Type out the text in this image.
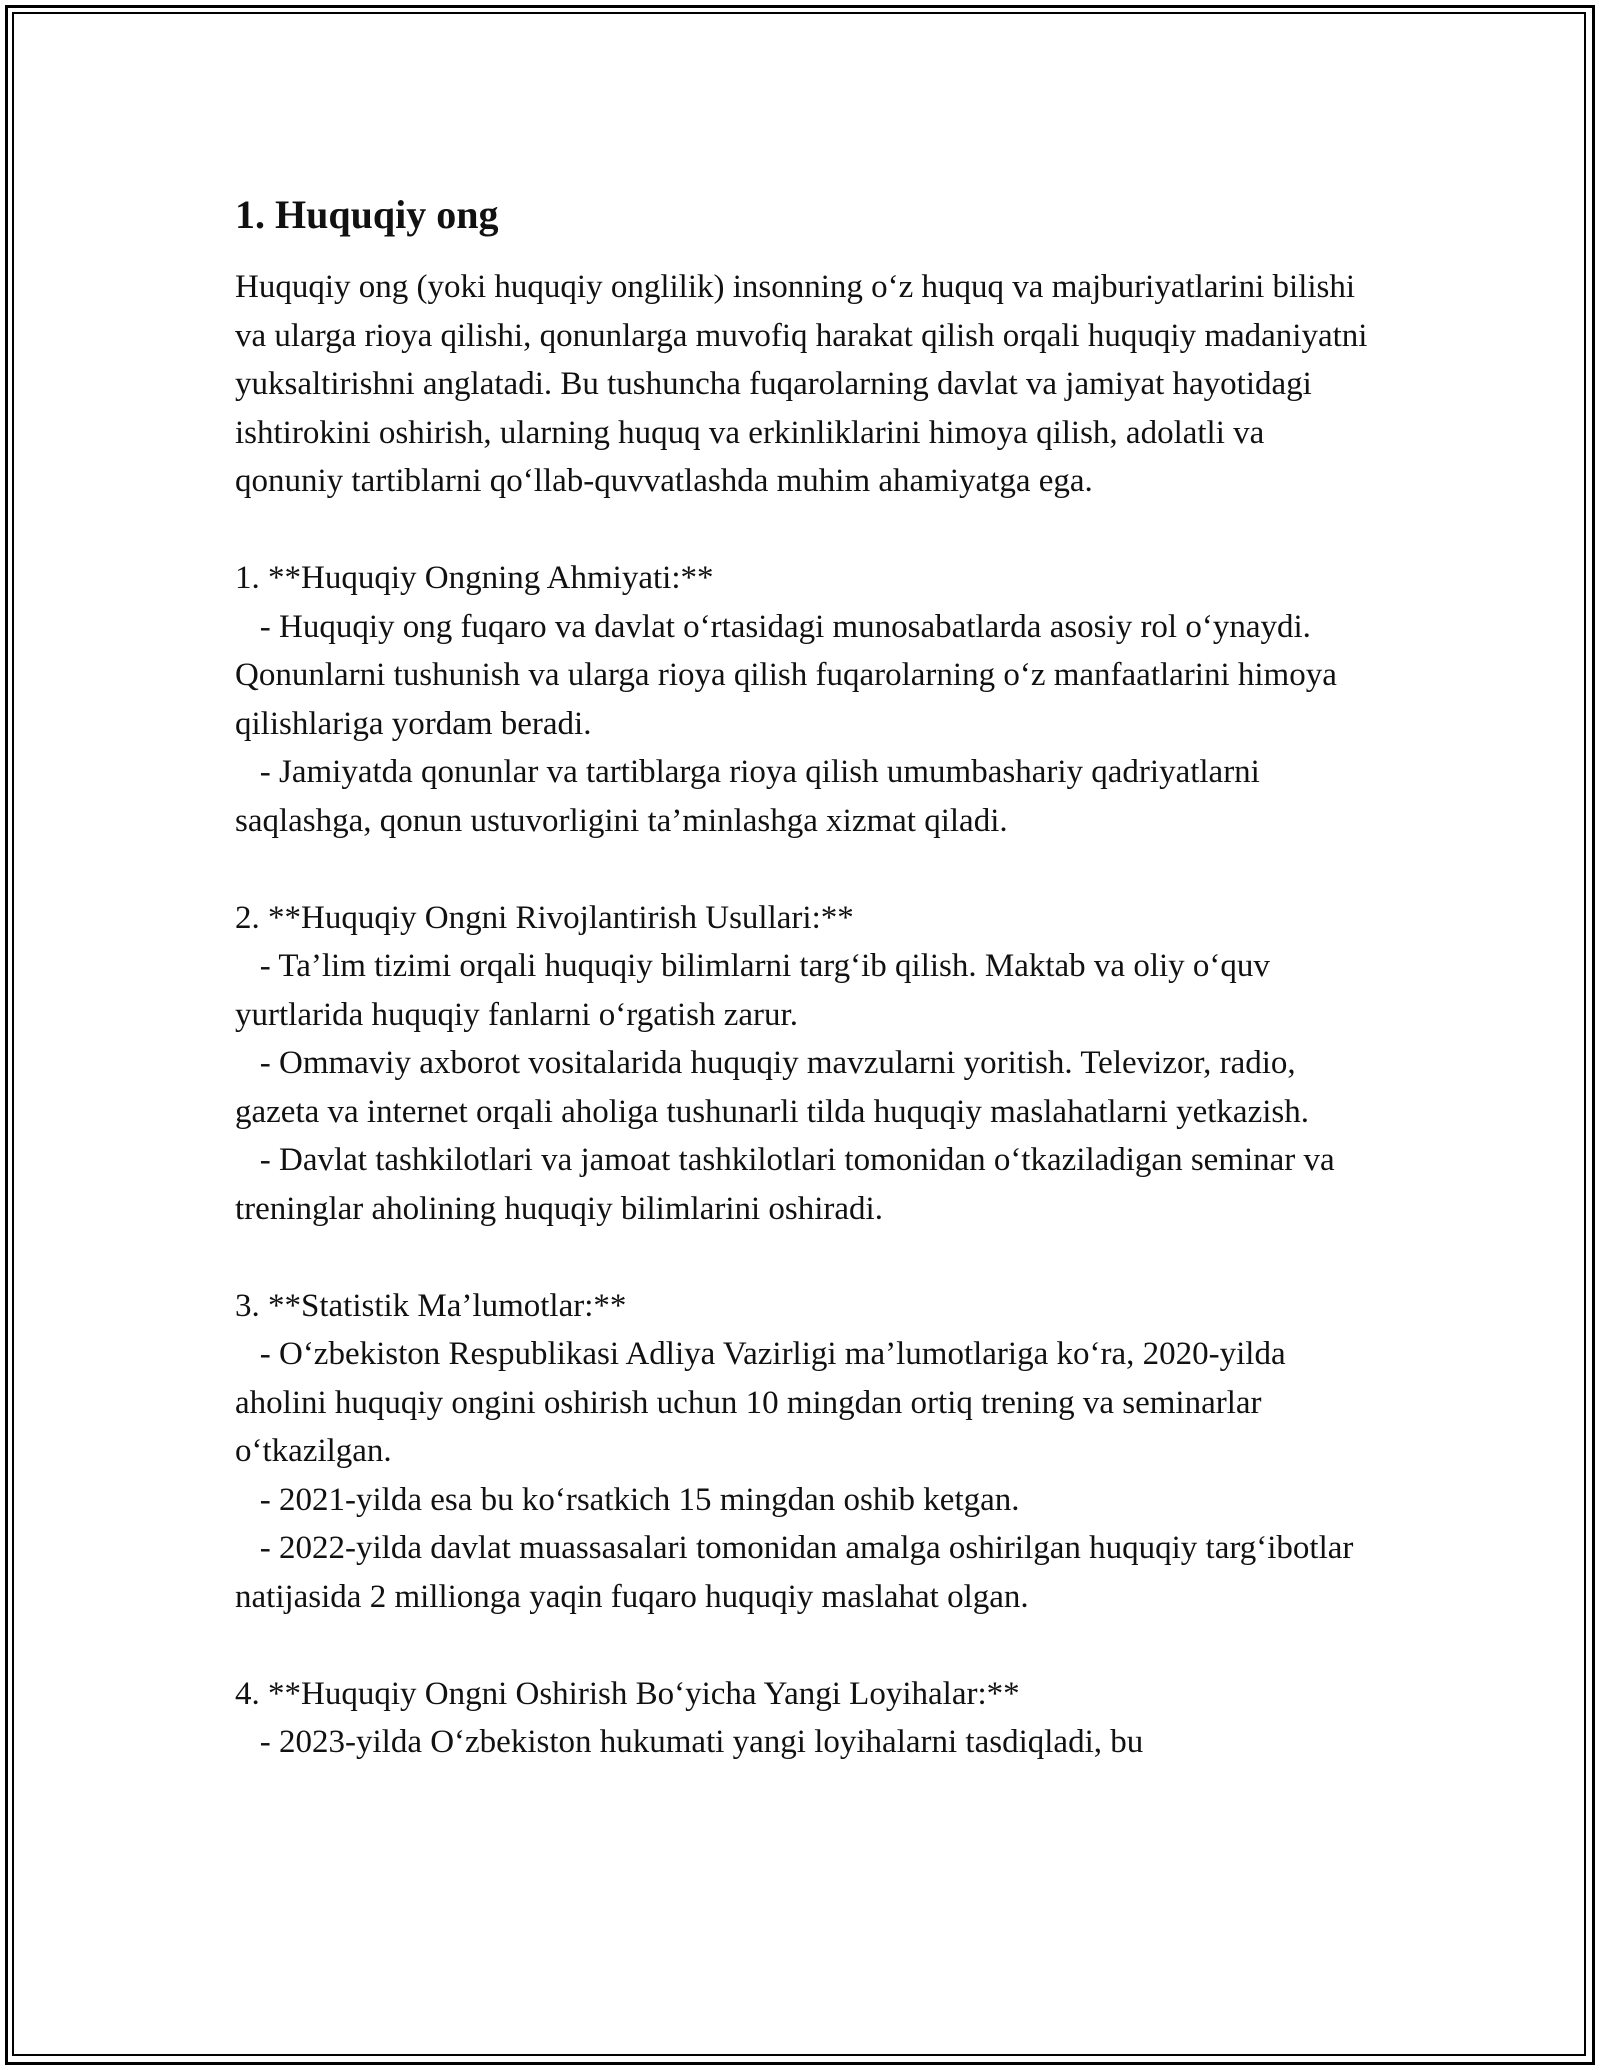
1. Huquqiy ong

Huquqiy ong (yoki huquqiy onglilik) insonning o‘z huquq va majburiyatlarini bilishi va ularga rioya qilishi, qonunlarga muvofiq harakat qilish orqali huquqiy madaniyatni yuksaltirishni anglatadi. Bu tushuncha fuqarolarning davlat va jamiyat hayotidagi ishtirokini oshirish, ularning huquq va erkinliklarini himoya qilish, adolatli va qonuniy tartiblarni qo‘llab-quvvatlashda muhim ahamiyatga ega.

1. **Huquqiy Ongning Ahmiyati:**

- Huquqiy ong fuqaro va davlat o‘rtasidagi munosabatlarda asosiy rol o‘ynaydi. Qonunlarni tushunish va ularga rioya qilish fuqarolarning o‘z manfaatlarini himoya qilishlariga yordam beradi.

- Jamiyatda qonunlar va tartiblarga rioya qilish umumbashariy qadriyatlarni saqlashga, qonun ustuvorligini ta’minlashga xizmat qiladi.

2. **Huquqiy Ongni Rivojlantirish Usullari:**

- Ta’lim tizimi orqali huquqiy bilimlarni targ‘ib qilish. Maktab va oliy o‘quv yurtlarida huquqiy fanlarni o‘rgatish zarur.

- Ommaviy axborot vositalarida huquqiy mavzularni yoritish. Televizor, radio, gazeta va internet orqali aholiga tushunarli tilda huquqiy maslahatlarni yetkazish.

- Davlat tashkilotlari va jamoat tashkilotlari tomonidan o‘tkaziladigan seminar va treninglar aholining huquqiy bilimlarini oshiradi.

3. **Statistik Ma’lumotlar:**

- O‘zbekiston Respublikasi Adliya Vazirligi ma’lumotlariga ko‘ra, 2020-yilda aholini huquqiy ongini oshirish uchun 10 mingdan ortiq trening va seminarlar o‘tkazilgan.

- 2021-yilda esa bu ko‘rsatkich 15 mingdan oshib ketgan.

- 2022-yilda davlat muassasalari tomonidan amalga oshirilgan huquqiy targ‘ibotlar natijasida 2 millionga yaqin fuqaro huquqiy maslahat olgan.

4. **Huquqiy Ongni Oshirish Bo‘yicha Yangi Loyihalar:**

- 2023-yilda O‘zbekiston hukumati yangi loyihalarni tasdiqladi, bu
